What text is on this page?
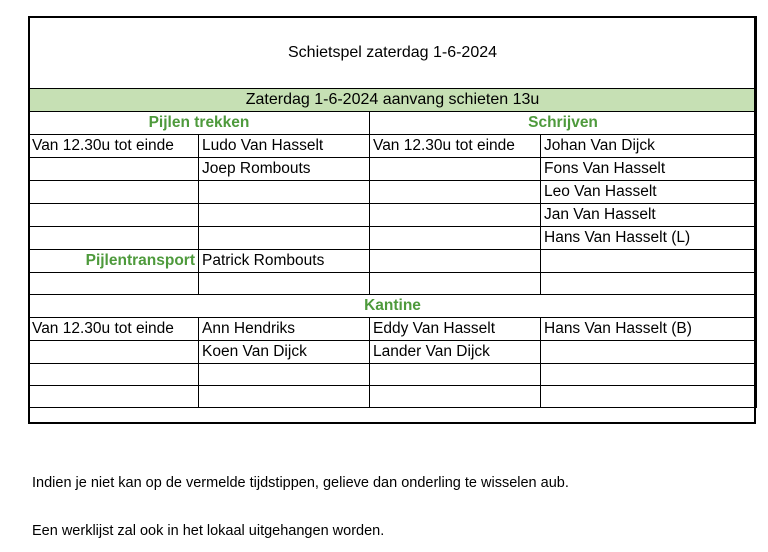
Schietspel zaterdag 1-6-2024			
Zaterdag 1-6-2024 aanvang schieten 13u			
Pijlen trekken		Schrijven	
Van 12.30u tot einde	Ludo Van Hasselt	Van 12.30u tot einde	Johan Van Dijck
	Joep Rombouts		Fons Van Hasselt
			Leo Van Hasselt
			Jan Van Hasselt
			Hans Van Hasselt (L)
Pijlentransport	Patrick Rombouts		

Kantine			
Van 12.30u tot einde	Ann Hendriks	Eddy Van Hasselt	Hans Van Hasselt (B)
	Koen Van Dijck	Lander Van Dijck	

Indien je niet kan op de vermelde tijdstippen, gelieve dan onderling te wisselen aub.
Een werklijst zal ook in het lokaal uitgehangen worden.
